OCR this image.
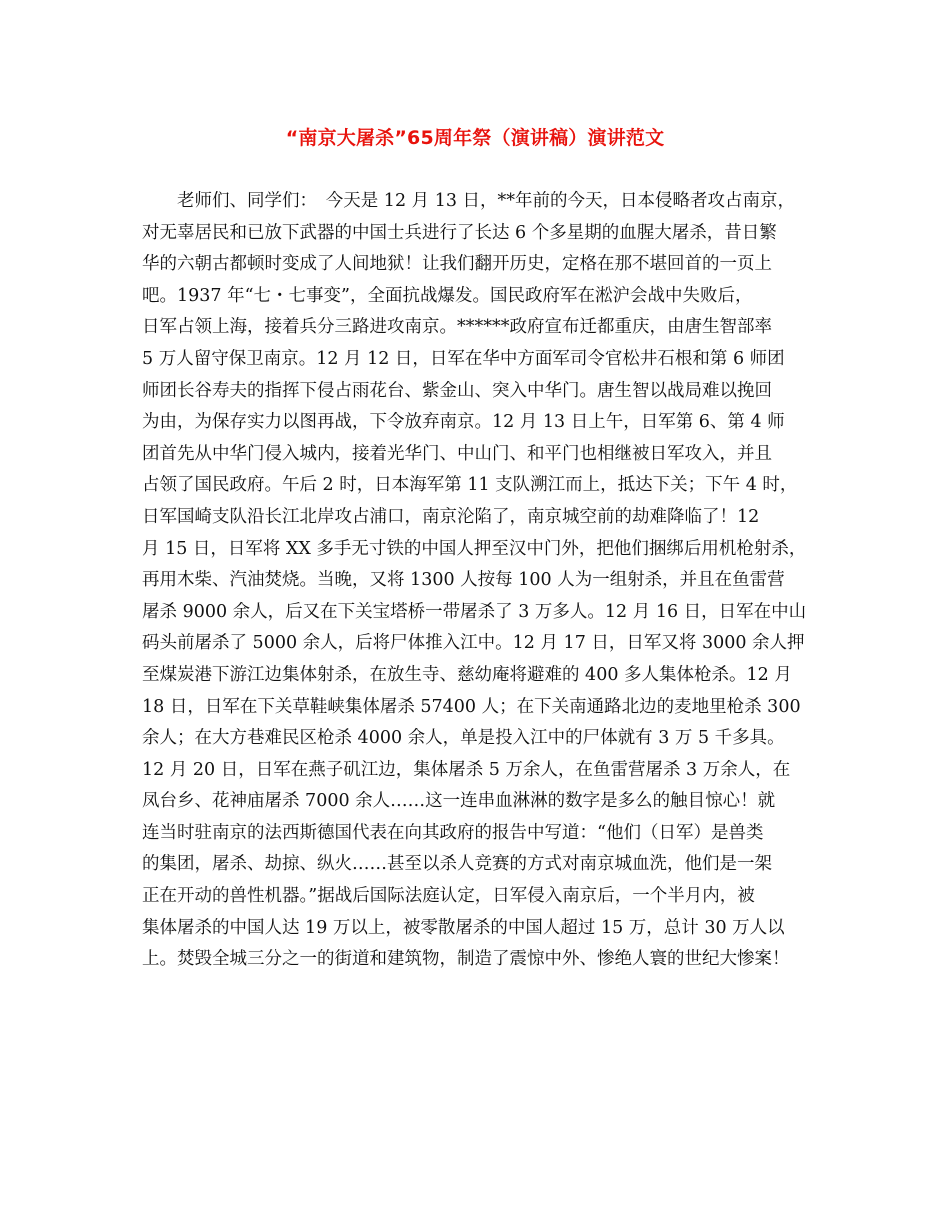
“南京大屠杀”65周年祭（演讲稿）演讲范文
老师们、同学们：　今天是 12 月 13 日，**年前的今天，日本侵略者攻占南京，
对无辜居民和已放下武器的中国士兵进行了长达 6 个多星期的血腥大屠杀，昔日繁
华的六朝古都顿时变成了人间地狱！让我们翻开历史，定格在那不堪回首的一页上
吧。1937 年“七・七事变”，全面抗战爆发。国民政府军在淞沪会战中失败后，
日军占领上海，接着兵分三路进攻南京。******政府宣布迁都重庆，由唐生智部率
5 万人留守保卫南京。12 月 12 日，日军在华中方面军司令官松井石根和第 6 师团
师团长谷寿夫的指挥下侵占雨花台、紫金山、突入中华门。唐生智以战局难以挽回
为由，为保存实力以图再战，下令放弃南京。12 月 13 日上午，日军第 6、第 4 师
团首先从中华门侵入城内，接着光华门、中山门、和平门也相继被日军攻入，并且
占领了国民政府。午后 2 时，日本海军第 11 支队溯江而上，抵达下关；下午 4 时，
日军国崎支队沿长江北岸攻占浦口，南京沦陷了，南京城空前的劫难降临了！12
月 15 日，日军将 XX 多手无寸铁的中国人押至汉中门外，把他们捆绑后用机枪射杀，
再用木柴、汽油焚烧。当晚，又将 1300 人按每 100 人为一组射杀，并且在鱼雷营
屠杀 9000 余人，后又在下关宝塔桥一带屠杀了 3 万多人。12 月 16 日，日军在中山
码头前屠杀了 5000 余人，后将尸体推入江中。12 月 17 日，日军又将 3000 余人押
至煤炭港下游江边集体射杀，在放生寺、慈幼庵将避难的 400 多人集体枪杀。12 月
18 日，日军在下关草鞋峡集体屠杀 57400 人；在下关南通路北边的麦地里枪杀 300
余人；在大方巷难民区枪杀 4000 余人，单是投入江中的尸体就有 3 万 5 千多具。
12 月 20 日，日军在燕子矶江边，集体屠杀 5 万余人，在鱼雷营屠杀 3 万余人，在
凤台乡、花神庙屠杀 7000 余人……这一连串血淋淋的数字是多么的触目惊心！就
连当时驻南京的法西斯德国代表在向其政府的报告中写道：“他们（日军）是兽类
的集团，屠杀、劫掠、纵火……甚至以杀人竞赛的方式对南京城血洗，他们是一架
正在开动的兽性机器。”据战后国际法庭认定，日军侵入南京后，一个半月内，被
集体屠杀的中国人达 19 万以上，被零散屠杀的中国人超过 15 万，总计 30 万人以
上。焚毁全城三分之一的街道和建筑物，制造了震惊中外、惨绝人寰的世纪大惨案！
